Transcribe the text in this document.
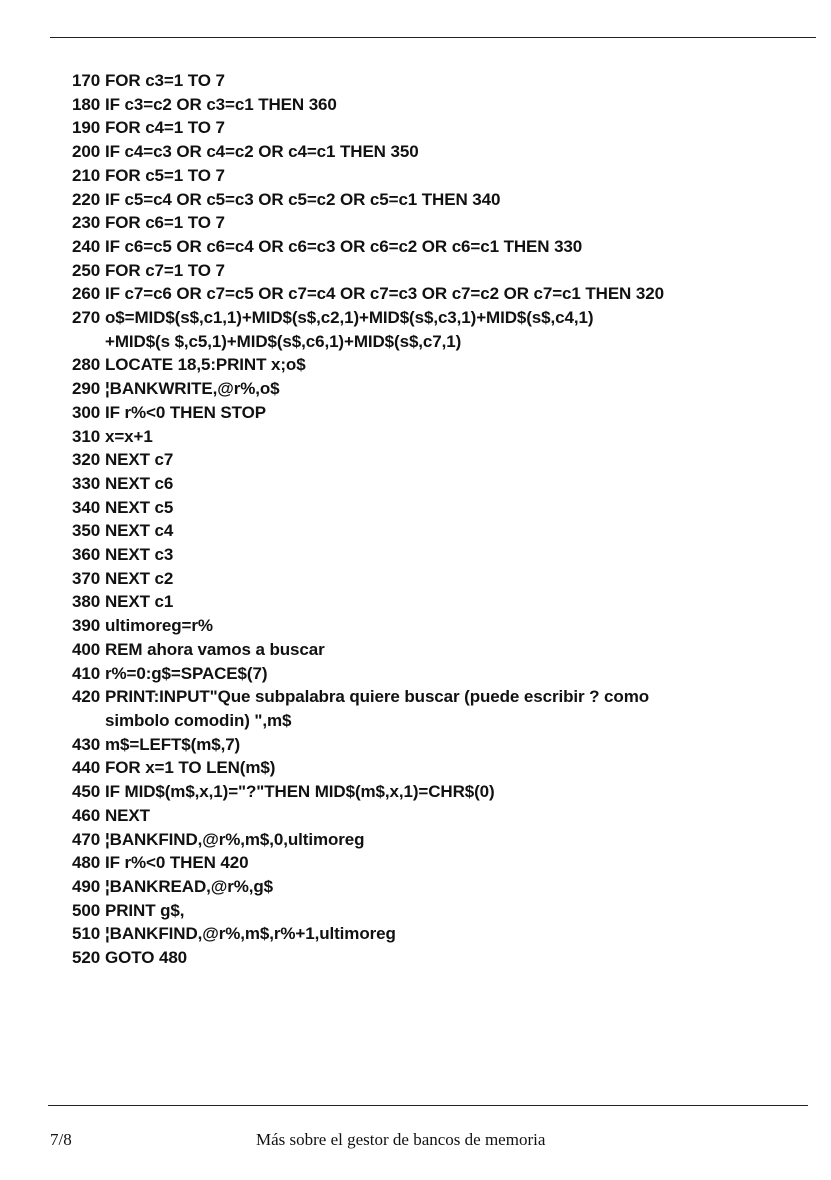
170 FOR c3=1 TO 7
180 IF c3=c2 OR c3=c1 THEN 360
190 FOR c4=1 TO 7
200 IF c4=c3 OR c4=c2 OR c4=c1 THEN 350
210 FOR c5=1 TO 7
220 IF c5=c4 OR c5=c3 OR c5=c2 OR c5=c1 THEN 340
230 FOR c6=1 TO 7
240 IF c6=c5 OR c6=c4 OR c6=c3 OR c6=c2 OR c6=c1 THEN 330
250 FOR c7=1 TO 7
260 IF c7=c6 OR c7=c5 OR c7=c4 OR c7=c3 OR c7=c2 OR c7=c1 THEN 320
270 o$=MID$(s$,c1,1)+MID$(s$,c2,1)+MID$(s$,c3,1)+MID$(s$,c4,1)
+MID$(s $,c5,1)+MID$(s$,c6,1)+MID$(s$,c7,1)
280 LOCATE 18,5:PRINT x;o$
290 ¦BANKWRITE,@r%,o$
300 IF r%<0 THEN STOP
310 x=x+1
320 NEXT c7
330 NEXT c6
340 NEXT c5
350 NEXT c4
360 NEXT c3
370 NEXT c2
380 NEXT c1
390 ultimoreg=r%
400 REM ahora vamos a buscar
410 r%=0:g$=SPACE$(7)
420 PRINT:INPUT"Que subpalabra quiere buscar (puede escribir ? como
simbolo comodin) ",m$
430 m$=LEFT$(m$,7)
440 FOR x=1 TO LEN(m$)
450 IF MID$(m$,x,1)="?"THEN MID$(m$,x,1)=CHR$(0)
460 NEXT
470 ¦BANKFIND,@r%,m$,0,ultimoreg
480 IF r%<0 THEN 420
490 ¦BANKREAD,@r%,g$
500 PRINT g$,
510 ¦BANKFIND,@r%,m$,r%+1,ultimoreg
520 GOTO 480
7/8	Más sobre el gestor de bancos de memoria
